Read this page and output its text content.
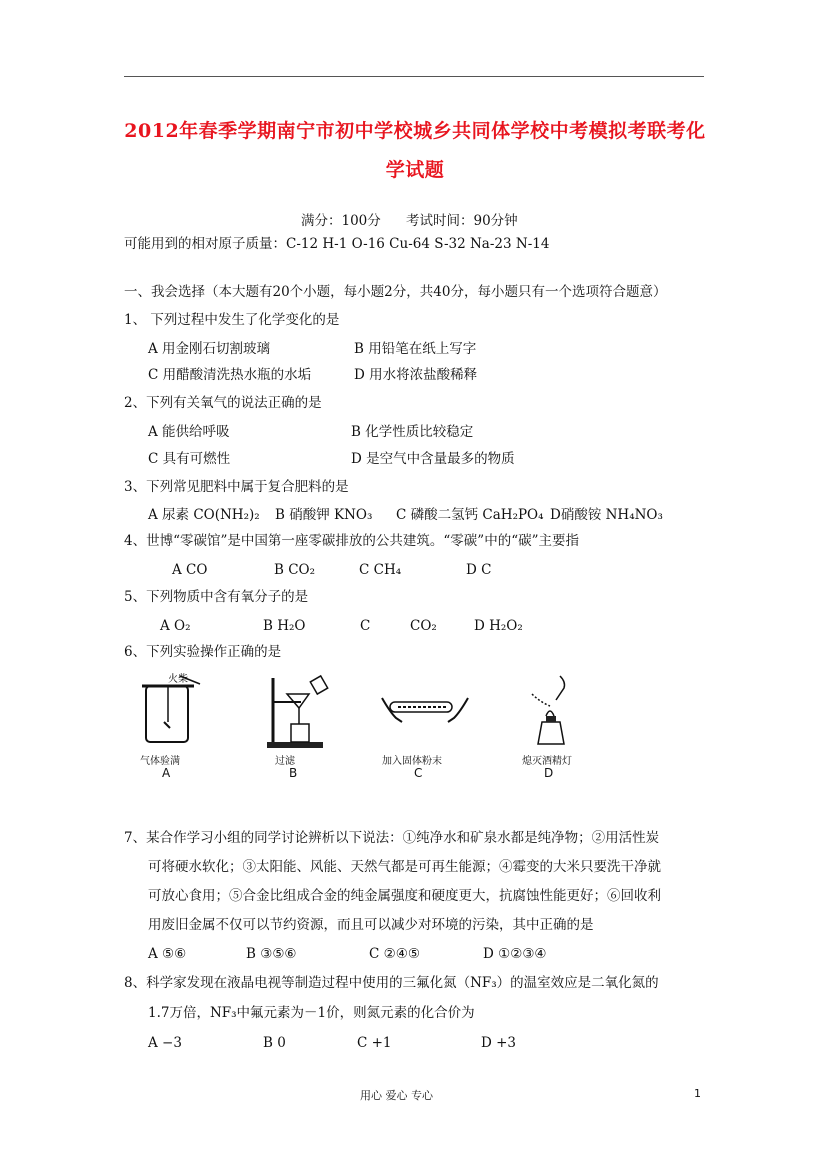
2012年春季学期南宁市初中学校城乡共同体学校中考模拟考联考化
学试题
满分：100分 考试时间：90分钟
可能用到的相对原子质量：C-12 H-1 O-16 Cu-64 S-32 Na-23 N-14
一、我会选择（本大题有20个小题，每小题2分，共40分，每小题只有一个选项符合题意）
1、 下列过程中发生了化学变化的是
A 用金刚石切割玻璃	B 用铅笔在纸上写字
C 用醋酸清洗热水瓶的水垢	D 用水将浓盐酸稀释
2、下列有关氧气的说法正确的是
A 能供给呼吸	B 化学性质比较稳定
C 具有可燃性	D 是空气中含量最多的物质
3、下列常见肥料中属于复合肥料的是
A 尿素 CO(NH₂)₂ B 硝酸钾 KNO₃ C 磷酸二氢钙 CaH₂PO₄ D硝酸铵 NH₄NO₃
4、世博“零碳馆”是中国第一座零碳排放的公共建筑。“零碳”中的“碳”主要指
A CO	B CO₂	C CH₄	D C
5、下列物质中含有氧分子的是
A O₂	B H₂O	C	CO₂	D H₂O₂
6、下列实验操作正确的是
火柴
气体验满
A
过滤
B
加入固体粉末
C
熄灭酒精灯
D
7、某合作学习小组的同学讨论辨析以下说法：①纯净水和矿泉水都是纯净物；②用活性炭
可将硬水软化；③太阳能、风能、天然气都是可再生能源；④霉变的大米只要洗干净就
可放心食用；⑤合金比组成合金的纯金属强度和硬度更大，抗腐蚀性能更好；⑥回收利
用废旧金属不仅可以节约资源，而且可以减少对环境的污染，其中正确的是
A ⑤⑥	B ③⑤⑥	C ②④⑤	D ①②③④
8、科学家发现在液晶电视等制造过程中使用的三氟化氮（NF₃）的温室效应是二氧化氮的
1.7万倍，NF₃中氟元素为－1价，则氮元素的化合价为
A −3	B 0	C +1	D +3
用心 爱心 专心	1
